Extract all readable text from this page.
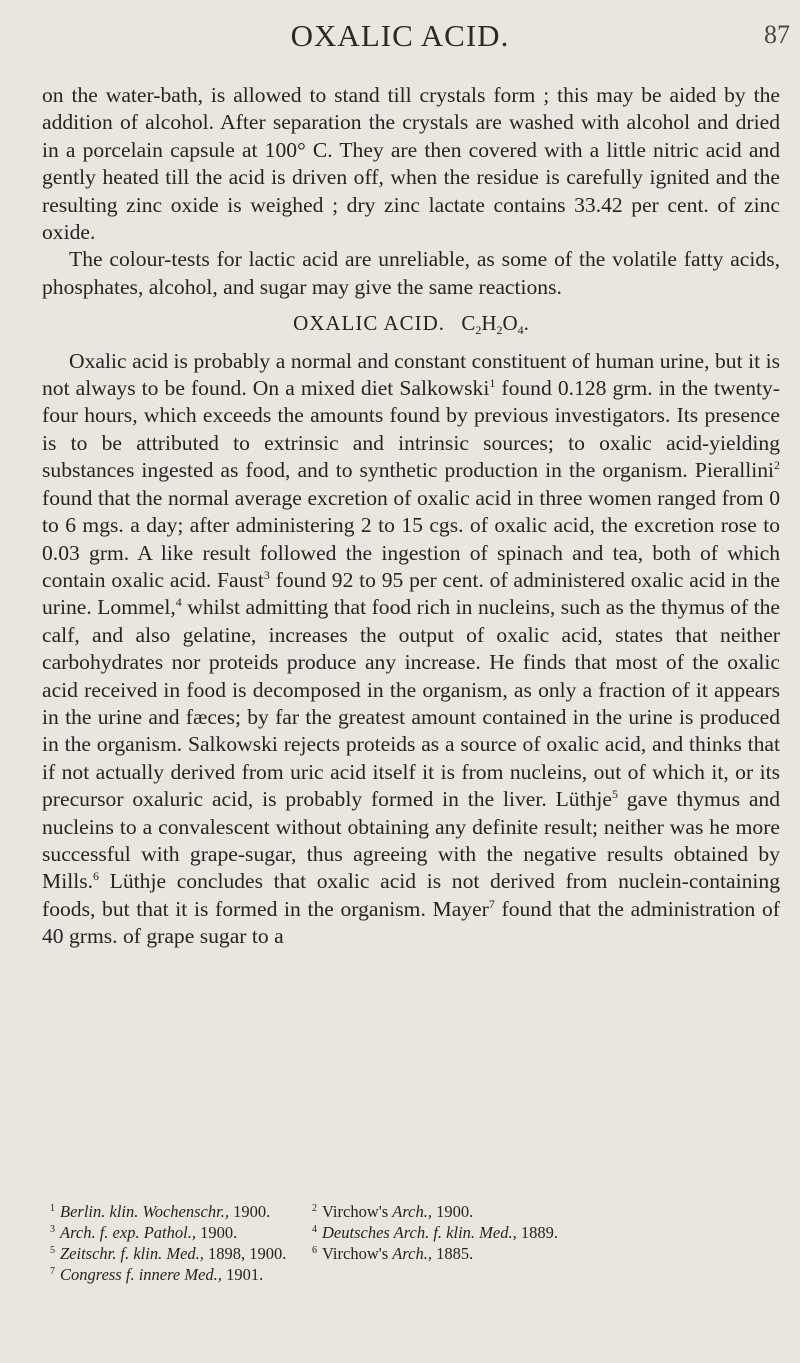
OXALIC ACID.	87

on the water-bath, is allowed to stand till crystals form ; this may be aided by the addition of alcohol. After separation the crystals are washed with alcohol and dried in a porcelain capsule at 100° C. They are then covered with a little nitric acid and gently heated till the acid is driven off, when the residue is carefully ignited and the resulting zinc oxide is weighed ; dry zinc lactate contains 33.42 per cent. of zinc oxide.

The colour-tests for lactic acid are unreliable, as some of the volatile fatty acids, phosphates, alcohol, and sugar may give the same reactions.

OXALIC ACID. $C_2H_2O_4$.

Oxalic acid is probably a normal and constant constituent of human urine, but it is not always to be found. On a mixed diet Salkowski$^1$ found 0.128 grm. in the twenty-four hours, which exceeds the amounts found by previous investigators. Its presence is to be attributed to extrinsic and intrinsic sources; to oxalic acid-yielding substances ingested as food, and to synthetic production in the organism. Pierallini$^2$ found that the normal average excretion of oxalic acid in three women ranged from 0 to 6 mgs. a day; after administering 2 to 15 cgs. of oxalic acid, the excretion rose to 0.03 grm. A like result followed the ingestion of spinach and tea, both of which contain oxalic acid. Faust$^3$ found 92 to 95 per cent. of administered oxalic acid in the urine. Lommel,$^4$ whilst admitting that food rich in nucleins, such as the thymus of the calf, and also gelatine, increases the output of oxalic acid, states that neither carbohydrates nor proteids produce any increase. He finds that most of the oxalic acid received in food is decomposed in the organism, as only a fraction of it appears in the urine and fæces; by far the greatest amount contained in the urine is produced in the organism. Salkowski rejects proteids as a source of oxalic acid, and thinks that if not actually derived from uric acid itself it is from nucleins, out of which it, or its precursor oxaluric acid, is probably formed in the liver. Lüthje$^5$ gave thymus and nucleins to a convalescent without obtaining any definite result; neither was he more successful with grape-sugar, thus agreeing with the negative results obtained by Mills.$^6$ Lüthje concludes that oxalic acid is not derived from nuclein-containing foods, but that it is formed in the organism. Mayer$^7$ found that the administration of 40 grms. of grape sugar to a

$^1$ Berlin. klin. Wochenschr., 1900.	$^2$ Virchow's Arch., 1900.
$^3$ Arch. f. exp. Pathol., 1900.	$^4$ Deutsches Arch. f. klin. Med., 1889.
$^5$ Zeitschr. f. klin. Med., 1898, 1900.	$^6$ Virchow's Arch., 1885.
$^7$ Congress f. innere Med., 1901.
